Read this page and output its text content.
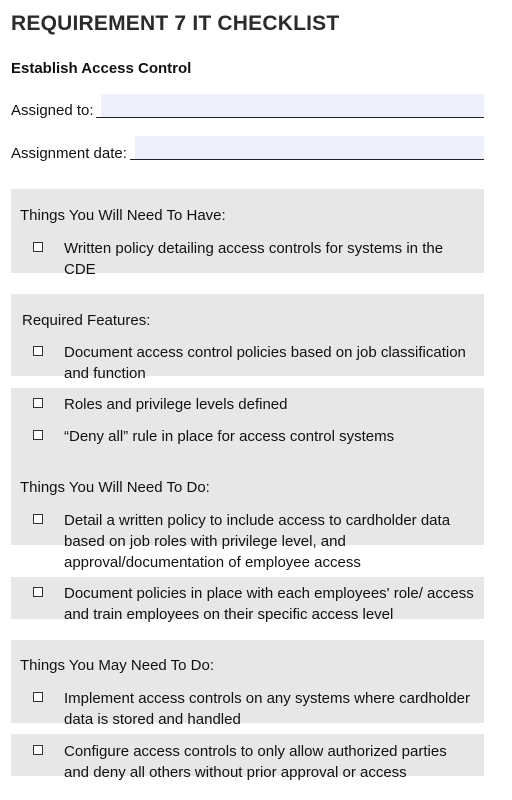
REQUIREMENT 7 IT CHECKLIST
Establish Access Control
Assigned to:
Assignment date:
Things You Will Need To Have:
Written policy detailing access controls for systems in the CDE
Required Features:
Document access control policies based on job classification and function
Roles and privilege levels defined
“Deny all” rule in place for access control systems
Things You Will Need To Do:
Detail a written policy to include access to cardholder data based on job roles with privilege level, and approval/documentation of employee access
Document policies in place with each employees' role/ access and train employees on their specific access level
Things You May Need To Do:
Implement access controls on any systems where cardholder data is stored and handled
Configure access controls to only allow authorized parties and deny all others without prior approval or access
